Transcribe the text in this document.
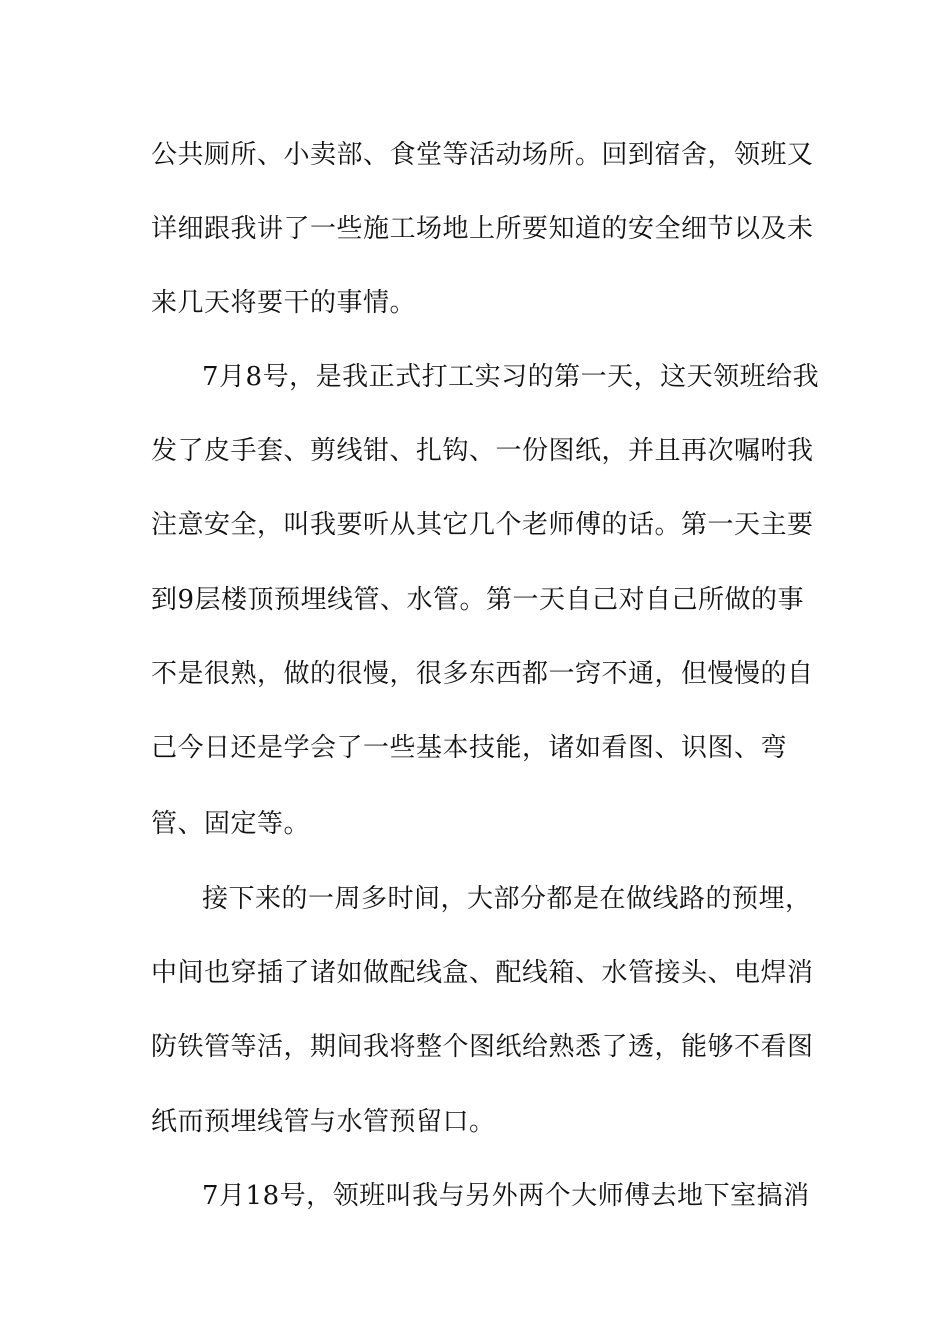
公共厕所、小卖部、食堂等活动场所。回到宿舍，领班又
详细跟我讲了一些施工场地上所要知道的安全细节以及未
来几天将要干的事情。
7月8号，是我正式打工实习的第一天，这天领班给我
发了皮手套、剪线钳、扎钩、一份图纸，并且再次嘱咐我
注意安全，叫我要听从其它几个老师傅的话。第一天主要
到9层楼顶预埋线管、水管。第一天自己对自己所做的事
不是很熟，做的很慢，很多东西都一窍不通，但慢慢的自
己今日还是学会了一些基本技能，诸如看图、识图、弯
管、固定等。
接下来的一周多时间，大部分都是在做线路的预埋，
中间也穿插了诸如做配线盒、配线箱、水管接头、电焊消
防铁管等活，期间我将整个图纸给熟悉了透，能够不看图
纸而预埋线管与水管预留口。
7月18号，领班叫我与另外两个大师傅去地下室搞消
